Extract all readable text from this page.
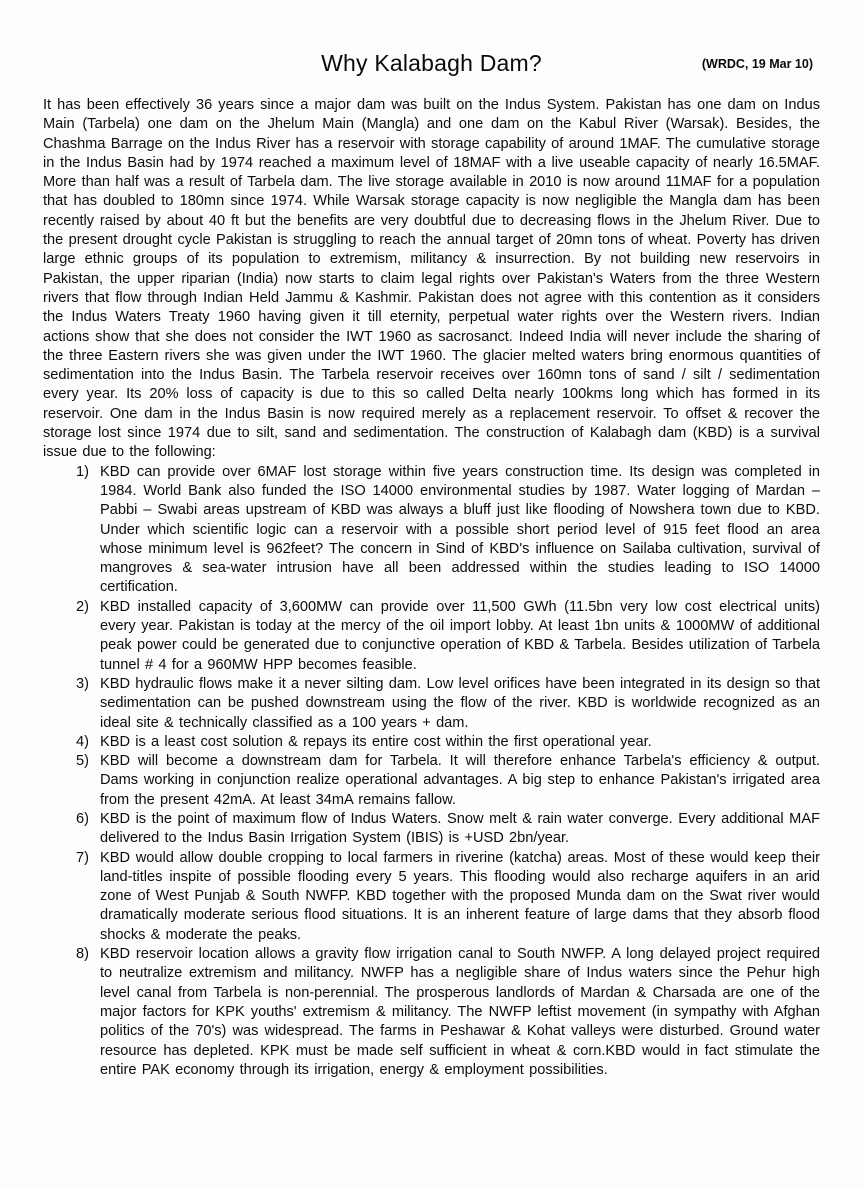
Why Kalabagh Dam?	(WRDC, 19 Mar 10)

It has been effectively 36 years since a major dam was built on the Indus System. Pakistan has one dam on Indus Main (Tarbela) one dam on the Jhelum Main (Mangla) and one dam on the Kabul River (Warsak). Besides, the Chashma Barrage on the Indus River has a reservoir with storage capability of around 1MAF. The cumulative storage in the Indus Basin had by 1974 reached a maximum level of 18MAF with a live useable capacity of nearly 16.5MAF. More than half was a result of Tarbela dam. The live storage available in 2010 is now around 11MAF for a population that has doubled to 180mn since 1974. While Warsak storage capacity is now negligible the Mangla dam has been recently raised by about 40 ft but the benefits are very doubtful due to decreasing flows in the Jhelum River. Due to the present drought cycle Pakistan is struggling to reach the annual target of 20mn tons of wheat. Poverty has driven large ethnic groups of its population to extremism, militancy & insurrection. By not building new reservoirs in Pakistan, the upper riparian (India) now starts to claim legal rights over Pakistan's Waters from the three Western rivers that flow through Indian Held Jammu & Kashmir. Pakistan does not agree with this contention as it considers the Indus Waters Treaty 1960 having given it till eternity, perpetual water rights over the Western rivers. Indian actions show that she does not consider the IWT 1960 as sacrosanct. Indeed India will never include the sharing of the three Eastern rivers she was given under the IWT 1960. The glacier melted waters bring enormous quantities of sedimentation into the Indus Basin. The Tarbela reservoir receives over 160mn tons of sand / silt / sedimentation every year. Its 20% loss of capacity is due to this so called Delta nearly 100kms long which has formed in its reservoir. One dam in the Indus Basin is now required merely as a replacement reservoir. To offset & recover the storage lost since 1974 due to silt, sand and sedimentation. The construction of Kalabagh dam (KBD) is a survival issue due to the following:

1) KBD can provide over 6MAF lost storage within five years construction time. Its design was completed in 1984. World Bank also funded the ISO 14000 environmental studies by 1987. Water logging of Mardan – Pabbi – Swabi areas upstream of KBD was always a bluff just like flooding of Nowshera town due to KBD. Under which scientific logic can a reservoir with a possible short period level of 915 feet flood an area whose minimum level is 962feet? The concern in Sind of KBD's influence on Sailaba cultivation, survival of mangroves & sea-water intrusion have all been addressed within the studies leading to ISO 14000 certification.
2) KBD installed capacity of 3,600MW can provide over 11,500 GWh (11.5bn very low cost electrical units) every year. Pakistan is today at the mercy of the oil import lobby. At least 1bn units & 1000MW of additional peak power could be generated due to conjunctive operation of KBD & Tarbela. Besides utilization of Tarbela tunnel # 4 for a 960MW HPP becomes feasible.
3) KBD hydraulic flows make it a never silting dam. Low level orifices have been integrated in its design so that sedimentation can be pushed downstream using the flow of the river. KBD is worldwide recognized as an ideal site & technically classified as a 100 years + dam.
4) KBD is a least cost solution & repays its entire cost within the first operational year.
5) KBD will become a downstream dam for Tarbela. It will therefore enhance Tarbela's efficiency & output. Dams working in conjunction realize operational advantages. A big step to enhance Pakistan's irrigated area from the present 42mA. At least 34mA remains fallow.
6) KBD is the point of maximum flow of Indus Waters. Snow melt & rain water converge. Every additional MAF delivered to the Indus Basin Irrigation System (IBIS) is +USD 2bn/year.
7) KBD would allow double cropping to local farmers in riverine (katcha) areas. Most of these would keep their land-titles inspite of possible flooding every 5 years. This flooding would also recharge aquifers in an arid zone of West Punjab & South NWFP. KBD together with the proposed Munda dam on the Swat river would dramatically moderate serious flood situations. It is an inherent feature of large dams that they absorb flood shocks & moderate the peaks.
8) KBD reservoir location allows a gravity flow irrigation canal to South NWFP. A long delayed project required to neutralize extremism and militancy. NWFP has a negligible share of Indus waters since the Pehur high level canal from Tarbela is non-perennial. The prosperous landlords of Mardan & Charsada are one of the major factors for KPK youths' extremism & militancy. The NWFP leftist movement (in sympathy with Afghan politics of the 70's) was widespread. The farms in Peshawar & Kohat valleys were disturbed. Ground water resource has depleted. KPK must be made self sufficient in wheat & corn.KBD would in fact stimulate the entire PAK economy through its irrigation, energy & employment possibilities.
